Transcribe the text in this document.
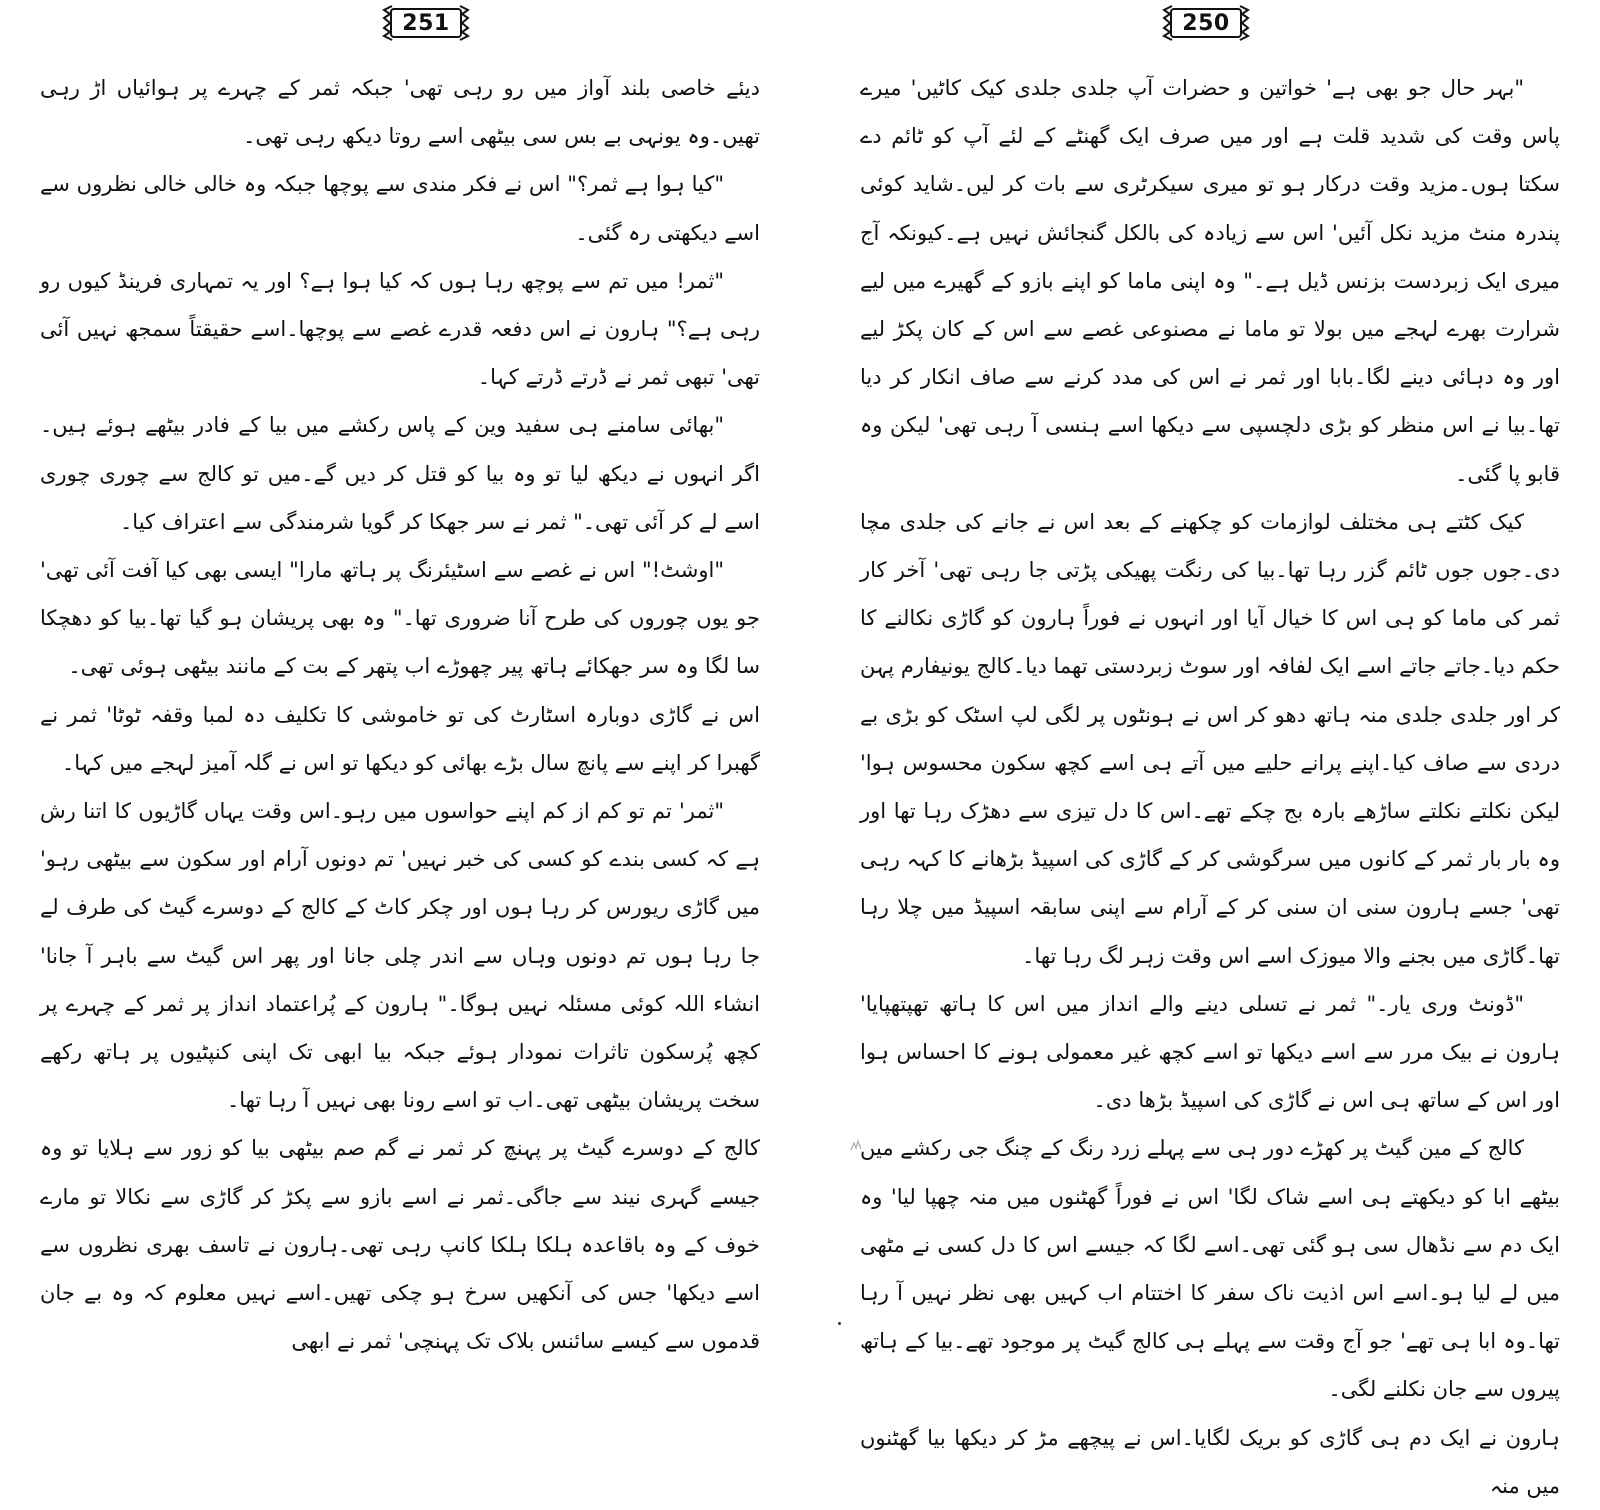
251

دیئے خاصی بلند آواز میں رو رہی تھی' جبکہ ثمر کے چہرے پر ہوائیاں اڑ رہی تھیں۔وہ یونہی بے بس سی بیٹھی اسے روتا دیکھ رہی تھی۔

"کیا ہوا ہے ثمر؟" اس نے فکر مندی سے پوچھا جبکہ وہ خالی خالی نظروں سے اسے دیکھتی رہ گئی۔

"ثمر! میں تم سے پوچھ رہا ہوں کہ کیا ہوا ہے؟ اور یہ تمہاری فرینڈ کیوں رو رہی ہے؟" ہارون نے اس دفعہ قدرے غصے سے پوچھا۔اسے حقیقتاً سمجھ نہیں آئی تھی' تبھی ثمر نے ڈرتے ڈرتے کہا۔

"بھائی سامنے ہی سفید وین کے پاس رکشے میں بیا کے فادر بیٹھے ہوئے ہیں۔اگر انہوں نے دیکھ لیا تو وہ بیا کو قتل کر دیں گے۔میں تو کالج سے چوری چوری اسے لے کر آئی تھی۔" ثمر نے سر جھکا کر گویا شرمندگی سے اعتراف کیا۔

"اوشٹ!" اس نے غصے سے اسٹیئرنگ پر ہاتھ مارا" ایسی بھی کیا آفت آئی تھی' جو یوں چوروں کی طرح آنا ضروری تھا۔" وہ بھی پریشان ہو گیا تھا۔بیا کو دھچکا سا لگا وہ سر جھکائے ہاتھ پیر چھوڑے اب پتھر کے بت کے مانند بیٹھی ہوئی تھی۔

اس نے گاڑی دوبارہ اسٹارٹ کی تو خاموشی کا تکلیف دہ لمبا وقفہ ٹوٹا' ثمر نے گھبرا کر اپنے سے پانچ سال بڑے بھائی کو دیکھا تو اس نے گلہ آمیز لہجے میں کہا۔

"ثمر' تم تو کم از کم اپنے حواسوں میں رہو۔اس وقت یہاں گاڑیوں کا اتنا رش ہے کہ کسی بندے کو کسی کی خبر نہیں' تم دونوں آرام اور سکون سے بیٹھی رہو' میں گاڑی ریورس کر رہا ہوں اور چکر کاٹ کے کالج کے دوسرے گیٹ کی طرف لے جا رہا ہوں تم دونوں وہاں سے اندر چلی جانا اور پھر اس گیٹ سے باہر آ جانا' انشاء اللہ کوئی مسئلہ نہیں ہوگا۔" ہارون کے پُراعتماد انداز پر ثمر کے چہرے پر کچھ پُرسکون تاثرات نمودار ہوئے جبکہ بیا ابھی تک اپنی کنپٹیوں پر ہاتھ رکھے سخت پریشان بیٹھی تھی۔اب تو اسے رونا بھی نہیں آ رہا تھا۔

کالج کے دوسرے گیٹ پر پہنچ کر ثمر نے گم صم بیٹھی بیا کو زور سے ہلایا تو وہ جیسے گہری نیند سے جاگی۔ثمر نے اسے بازو سے پکڑ کر گاڑی سے نکالا تو مارے خوف کے وہ باقاعدہ ہلکا ہلکا کانپ رہی تھی۔ہارون نے تاسف بھری نظروں سے اسے دیکھا' جس کی آنکھیں سرخ ہو چکی تھیں۔اسے نہیں معلوم کہ وہ بے جان قدموں سے کیسے سائنس بلاک تک پہنچی' ثمر نے ابھی

250

"بہر حال جو بھی ہے' خواتین و حضرات آپ جلدی جلدی کیک کاٹیں' میرے پاس وقت کی شدید قلت ہے اور میں صرف ایک گھنٹے کے لئے آپ کو ٹائم دے سکتا ہوں۔مزید وقت درکار ہو تو میری سیکرٹری سے بات کر لیں۔شاید کوئی پندرہ منٹ مزید نکل آئیں' اس سے زیادہ کی بالکل گنجائش نہیں ہے۔کیونکہ آج میری ایک زبردست بزنس ڈیل ہے۔" وہ اپنی ماما کو اپنے بازو کے گھیرے میں لیے شرارت بھرے لہجے میں بولا تو ماما نے مصنوعی غصے سے اس کے کان پکڑ لیے اور وہ دہائی دینے لگا۔بابا اور ثمر نے اس کی مدد کرنے سے صاف انکار کر دیا تھا۔بیا نے اس منظر کو بڑی دلچسپی سے دیکھا اسے ہنسی آ رہی تھی' لیکن وہ قابو پا گئی۔

کیک کٹتے ہی مختلف لوازمات کو چکھنے کے بعد اس نے جانے کی جلدی مچا دی۔جوں جوں ٹائم گزر رہا تھا۔بیا کی رنگت پھیکی پڑتی جا رہی تھی' آخر کار ثمر کی ماما کو ہی اس کا خیال آیا اور انہوں نے فوراً ہارون کو گاڑی نکالنے کا حکم دیا۔جاتے جاتے اسے ایک لفافہ اور سوٹ زبردستی تھما دیا۔کالج یونیفارم پہن کر اور جلدی جلدی منہ ہاتھ دھو کر اس نے ہونٹوں پر لگی لپ اسٹک کو بڑی بے دردی سے صاف کیا۔اپنے پرانے حلیے میں آتے ہی اسے کچھ سکون محسوس ہوا' لیکن نکلتے نکلتے ساڑھے بارہ بج چکے تھے۔اس کا دل تیزی سے دھڑک رہا تھا اور وہ بار بار ثمر کے کانوں میں سرگوشی کر کے گاڑی کی اسپیڈ بڑھانے کا کہہ رہی تھی' جسے ہارون سنی ان سنی کر کے آرام سے اپنی سابقہ اسپیڈ میں چلا رہا تھا۔گاڑی میں بجنے والا میوزک اسے اس وقت زہر لگ رہا تھا۔

"ڈونٹ وری یار۔" ثمر نے تسلی دینے والے انداز میں اس کا ہاتھ تھپتھپایا' ہارون نے بیک مرر سے اسے دیکھا تو اسے کچھ غیر معمولی ہونے کا احساس ہوا اور اس کے ساتھ ہی اس نے گاڑی کی اسپیڈ بڑھا دی۔

کالج کے مین گیٹ پر کھڑے دور ہی سے پہلے زرد رنگ کے چنگ جی رکشے میں بیٹھے ابا کو دیکھتے ہی اسے شاک لگا' اس نے فوراً گھٹنوں میں منہ چھپا لیا' وہ ایک دم سے نڈھال سی ہو گئی تھی۔اسے لگا کہ جیسے اس کا دل کسی نے مٹھی میں لے لیا ہو۔اسے اس اذیت ناک سفر کا اختتام اب کہیں بھی نظر نہیں آ رہا تھا۔وہ ابا ہی تھے' جو آج وقت سے پہلے ہی کالج گیٹ پر موجود تھے۔بیا کے ہاتھ پیروں سے جان نکلنے لگی۔

ہارون نے ایک دم ہی گاڑی کو بریک لگایا۔اس نے پیچھے مڑ کر دیکھا بیا گھٹنوں میں منہ
